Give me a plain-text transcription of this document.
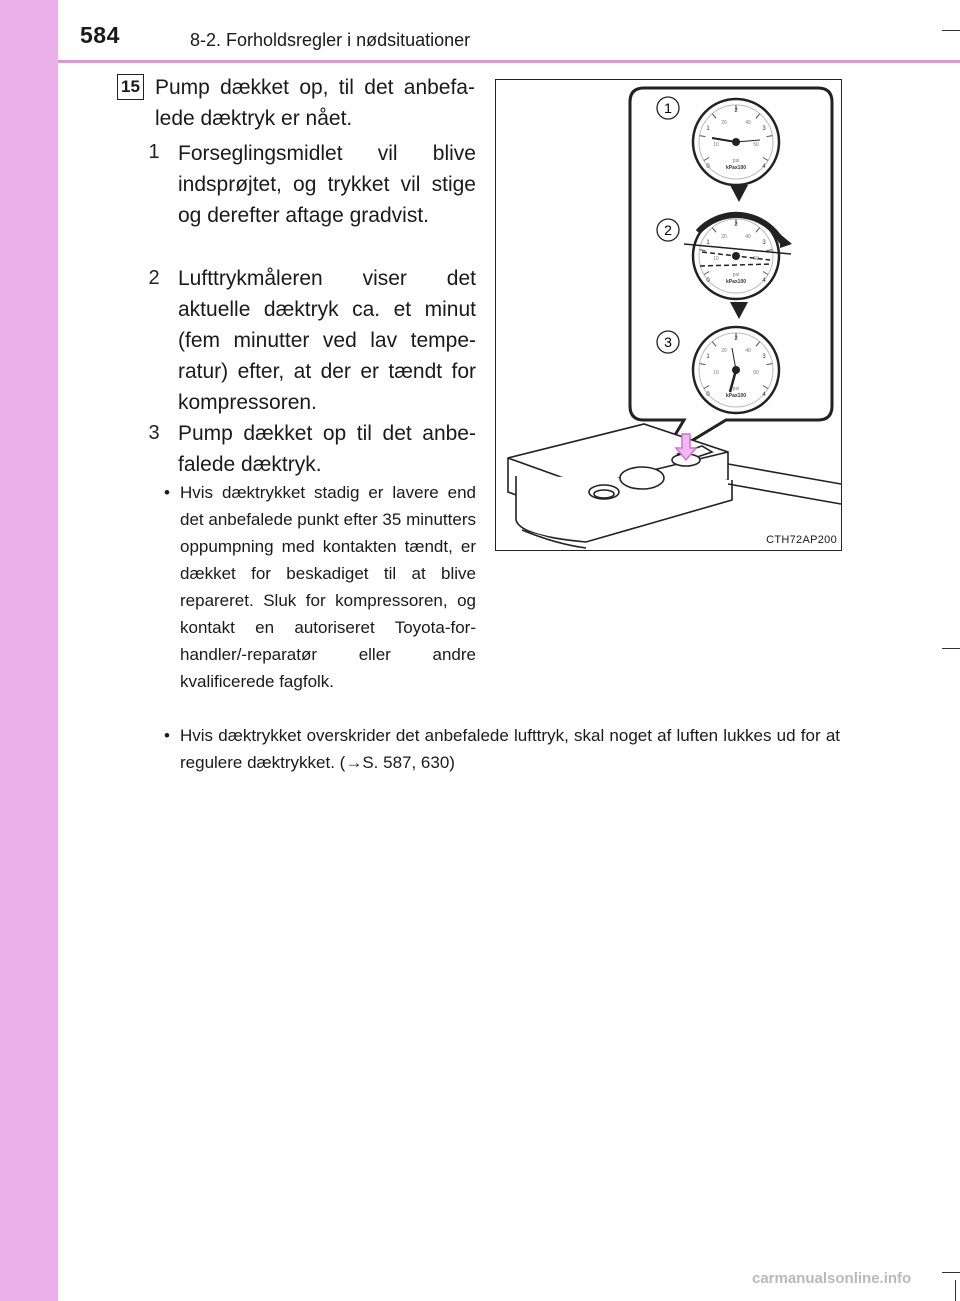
584	8-2. Forholdsregler i nødsituationer
15 Pump dækket op, til det anbefalede dæktryk er nået.
1 Forseglingsmidlet vil blive indsprøjtet, og trykket vil stige og derefter aftage gradvist.
2 Lufttrykmåleren viser det aktuelle dæktryk ca. et minut (fem minutter ved lav temperatur) efter, at der er tændt for kompressoren.
3 Pump dækket op til det anbefalede dæktryk.
• Hvis dæktrykket stadig er lavere end det anbefalede punkt efter 35 minutters oppumpning med kontakten tændt, er dækket for beskadiget til at blive repareret. Sluk for kompressoren, og kontakt en autoriseret Toyota-forhandler/-reparatør eller andre kvalificerede fagfolk.
• Hvis dæktrykket overskrider det anbefalede lufttryk, skal noget af luften lukkes ud for at regulere dæktrykket. (→S. 587, 630)
50
4
si
x100	1
2
3
CTH72AP200
carmanualsonline.info
